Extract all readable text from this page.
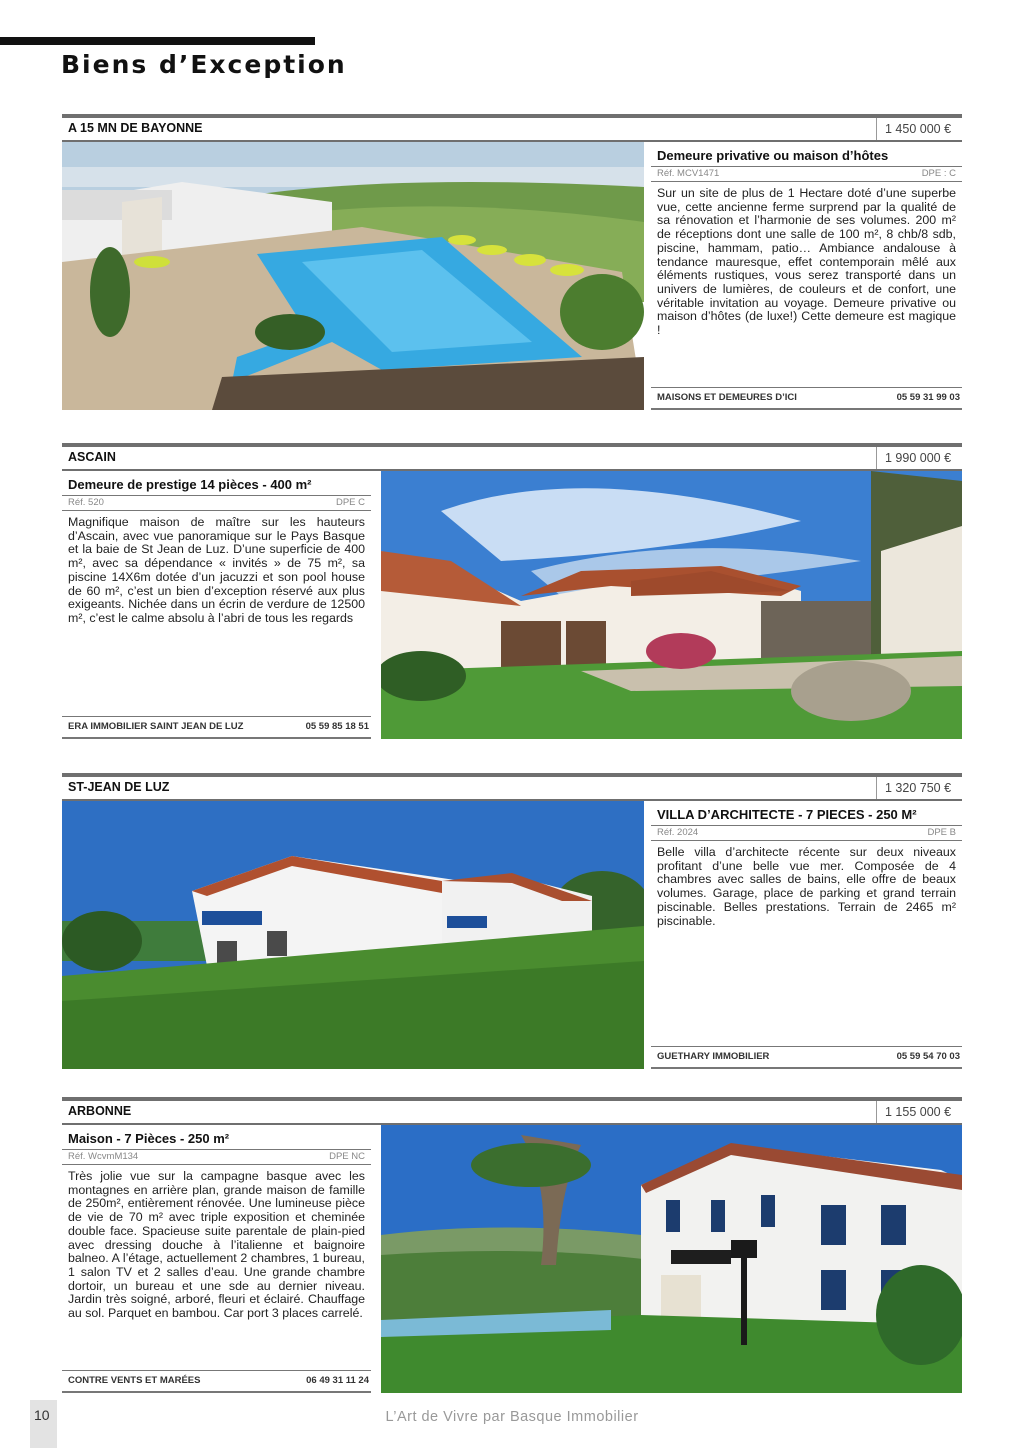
Biens d’Exception
A 15 MN DE BAYONNE	1 450 000 €
Demeure privative ou maison d’hôtes
Réf. MCV1471	DPE : C
Sur un site de plus de 1 Hectare doté d’une superbe vue, cette ancienne ferme surprend par la qualité de sa rénovation et l’harmonie de ses volumes. 200 m² de réceptions dont une salle de 100 m², 8 chb/8 sdb, piscine, hammam, patio… Ambiance andalouse à tendance mauresque, effet contemporain mêlé aux éléments rustiques, vous serez transporté dans un univers de lumières, de couleurs et de confort, une véritable invitation au voyage. Demeure privative ou maison d’hôtes (de luxe!) Cette demeure est magique !
MAISONS ET DEMEURES D’ICI	05 59 31 99 03
ASCAIN	1 990 000 €
Demeure de prestige 14 pièces - 400 m²
Réf. 520	DPE C
Magnifique maison de maître sur les hauteurs d’Ascain, avec vue panoramique sur le Pays Basque et la baie de St Jean de Luz. D’une superficie de 400 m², avec sa dépendance « invités » de 75 m², sa piscine 14X6m dotée d’un jacuzzi et son pool house de 60 m², c’est un bien d’exception réservé aux plus exigeants. Nichée dans un écrin de verdure de 12500 m², c’est le calme absolu à l’abri de tous les regards
ERA IMMOBILIER SAINT JEAN DE LUZ	05 59 85 18 51
ST-JEAN DE LUZ	1 320 750 €
VILLA D’ARCHITECTE - 7 PIECES - 250 M²
Réf. 2024	DPE B
Belle villa d’architecte récente sur deux niveaux profitant d’une belle vue mer. Composée de 4 chambres avec salles de bains, elle offre de beaux volumes. Garage, place de parking et grand terrain piscinable. Belles prestations. Terrain de 2465 m² piscinable.
GUETHARY IMMOBILIER	05 59 54 70 03
ARBONNE	1 155 000 €
Maison - 7 Pièces - 250 m²
Réf. WcvmM134	DPE NC
Très jolie vue sur la campagne basque avec les montagnes en arrière plan, grande maison de famille de 250m², entièrement rénovée. Une lumineuse pièce de vie de 70 m² avec triple exposition et cheminée double face. Spacieuse suite parentale de plain-pied avec dressing douche à l’italienne et baignoire balneo. A l’étage, actuellement 2 chambres, 1 bureau, 1 salon TV et 2 salles d’eau. Une grande chambre dortoir, un bureau et une sde au dernier niveau. Jardin très soigné, arboré, fleuri et éclairé. Chauffage au sol. Parquet en bambou. Car port 3 places carrelé.
CONTRE VENTS ET MARÉES	06 49 31 11 24
10	L’Art de Vivre par Basque Immobilier
